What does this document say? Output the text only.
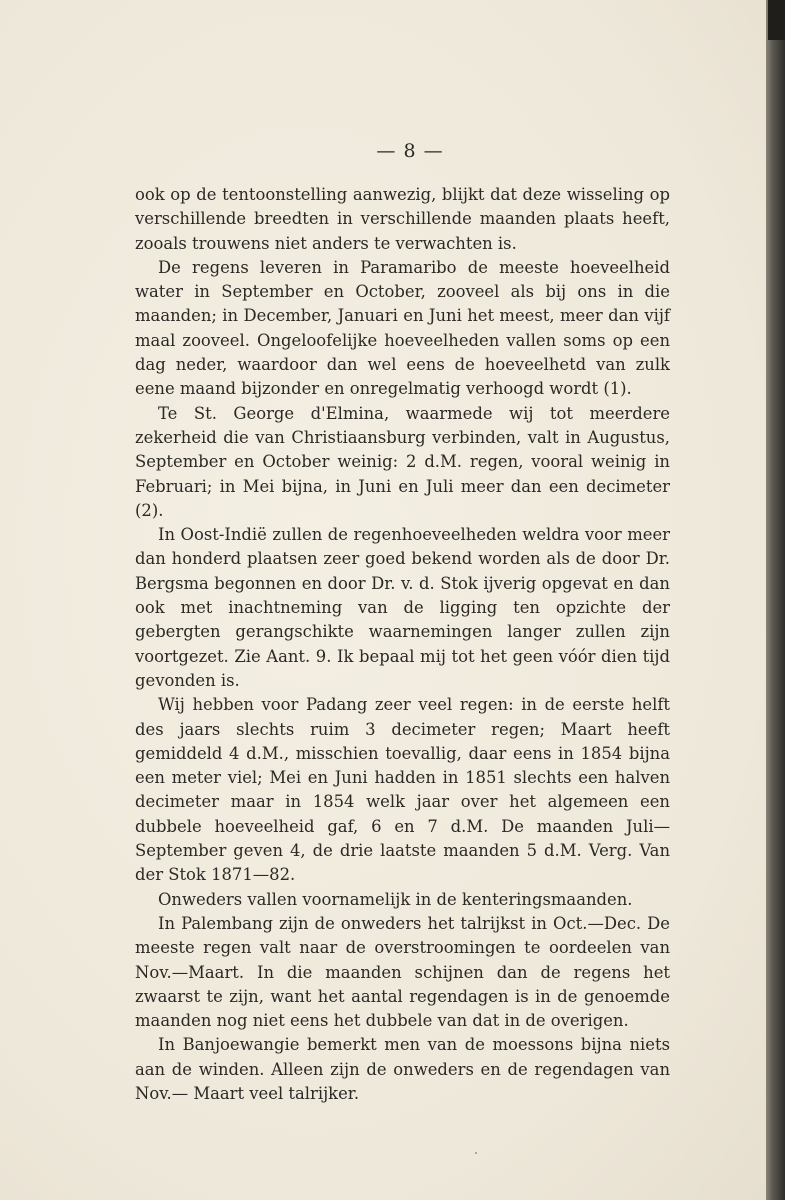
— 8 —

ook op de tentoonstelling aanwezig, blijkt dat deze wisseling op verschillende breedten in verschillende maanden plaats heeft, zooals trouwens niet anders te verwachten is.

De regens leveren in Paramaribo de meeste hoeveelheid water in September en October, zooveel als bij ons in die maanden; in December, Januari en Juni het meest, meer dan vijf maal zooveel. Ongeloofelijke hoeveelheden vallen soms op een dag neder, waardoor dan wel eens de hoeveelhetd van zulk eene maand bijzonder en onregelmatig verhoogd wordt (1).

Te St. George d'Elmina, waarmede wij tot meerdere zekerheid die van Christiaansburg verbinden, valt in Augustus, September en October weinig: 2 d.M. regen, vooral weinig in Februari; in Mei bijna, in Juni en Juli meer dan een decimeter (2).

In Oost-Indië zullen de regenhoeveelheden weldra voor meer dan honderd plaatsen zeer goed bekend worden als de door Dr. Bergsma begonnen en door Dr. v. d. Stok ijverig opgevat en dan ook met inachtneming van de ligging ten opzichte der gebergten gerangschikte waarnemingen langer zullen zijn voortgezet. Zie Aant. 9. Ik bepaal mij tot het geen vóór dien tijd gevonden is.

Wij hebben voor Padang zeer veel regen: in de eerste helft des jaars slechts ruim 3 decimeter regen; Maart heeft gemiddeld 4 d.M., misschien toevallig, daar eens in 1854 bijna een meter viel; Mei en Juni hadden in 1851 slechts een halven decimeter maar in 1854 welk jaar over het algemeen een dubbele hoeveelheid gaf, 6 en 7 d.M. De maanden Juli—September geven 4, de drie laatste maanden 5 d.M. Verg. Van der Stok 1871—82.

Onweders vallen voornamelijk in de kenteringsmaanden.

In Palembang zijn de onweders het talrijkst in Oct.—Dec. De meeste regen valt naar de overstroomingen te oordeelen van Nov.—Maart. In die maanden schijnen dan de regens het zwaarst te zijn, want het aantal regendagen is in de genoemde maanden nog niet eens het dubbele van dat in de overigen.

In Banjoewangie bemerkt men van de moessons bijna niets aan de winden. Alleen zijn de onweders en de regendagen van Nov.— Maart veel talrijker.
